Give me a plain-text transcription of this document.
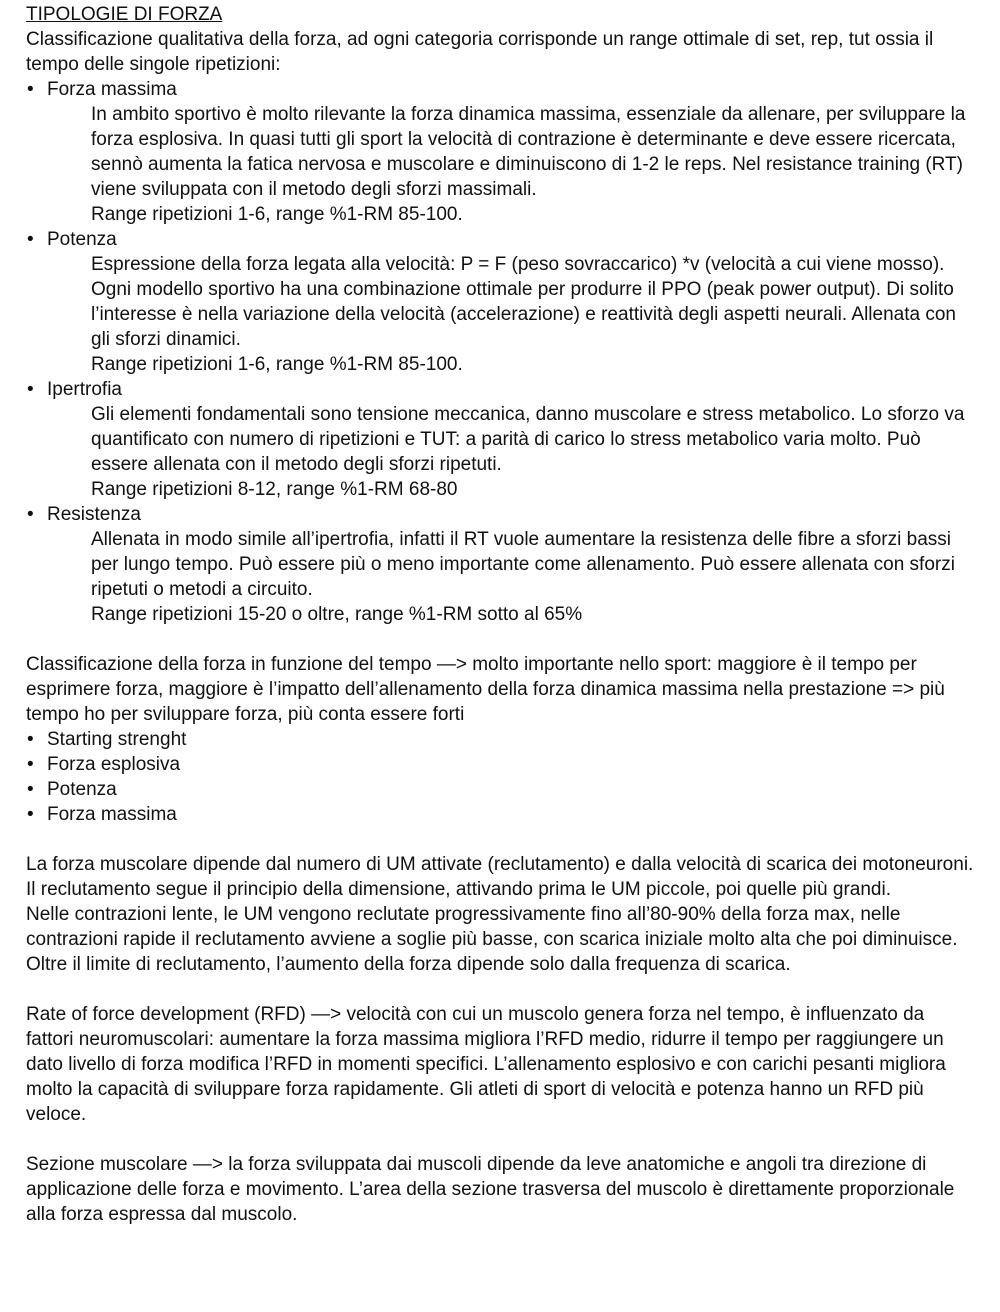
TIPOLOGIE DI FORZA

Classificazione qualitativa della forza, ad ogni categoria corrisponde un range ottimale di set, rep, tut ossia il tempo delle singole ripetizioni:

• Forza massima

In ambito sportivo è molto rilevante la forza dinamica massima, essenziale da allenare, per sviluppare la forza esplosiva. In quasi tutti gli sport la velocità di contrazione è determinante e deve essere ricercata, sennò aumenta la fatica nervosa e muscolare e diminuiscono di 1-2 le reps. Nel resistance training (RT) viene sviluppata con il metodo degli sforzi massimali.

Range ripetizioni 1-6, range %1-RM 85-100.

• Potenza

Espressione della forza legata alla velocità: P = F (peso sovraccarico) *v (velocità a cui viene mosso). Ogni modello sportivo ha una combinazione ottimale per produrre il PPO (peak power output). Di solito l’interesse è nella variazione della velocità (accelerazione) e reattività degli aspetti neurali. Allenata con gli sforzi dinamici.

Range ripetizioni 1-6, range %1-RM 85-100.

• Ipertrofia

Gli elementi fondamentali sono tensione meccanica, danno muscolare e stress metabolico. Lo sforzo va quantificato con numero di ripetizioni e TUT: a parità di carico lo stress metabolico varia molto. Può essere allenata con il metodo degli sforzi ripetuti.

Range ripetizioni 8-12, range %1-RM 68-80

• Resistenza

Allenata in modo simile all’ipertrofia, infatti il RT vuole aumentare la resistenza delle fibre a sforzi bassi per lungo tempo. Può essere più o meno importante come allenamento. Può essere allenata con sforzi ripetuti o metodi a circuito.

Range ripetizioni 15-20 o oltre, range %1-RM sotto al 65%

Classificazione della forza in funzione del tempo —> molto importante nello sport: maggiore è il tempo per esprimere forza, maggiore è l’impatto dell’allenamento della forza dinamica massima nella prestazione => più tempo ho per sviluppare forza, più conta essere forti

• Starting strenght

• Forza esplosiva

• Potenza

• Forza massima

La forza muscolare dipende dal numero di UM attivate (reclutamento) e dalla velocità di scarica dei motoneuroni. Il reclutamento segue il principio della dimensione, attivando prima le UM piccole, poi quelle più grandi.

Nelle contrazioni lente, le UM vengono reclutate progressivamente fino all’80-90% della forza max, nelle contrazioni rapide il reclutamento avviene a soglie più basse, con scarica iniziale molto alta che poi diminuisce. Oltre il limite di reclutamento, l’aumento della forza dipende solo dalla frequenza di scarica.

Rate of force development (RFD) —> velocità con cui un muscolo genera forza nel tempo, è influenzato da fattori neuromuscolari: aumentare la forza massima migliora l’RFD medio, ridurre il tempo per raggiungere un dato livello di forza modifica l’RFD in momenti specifici. L’allenamento esplosivo e con carichi pesanti migliora molto la capacità di sviluppare forza rapidamente. Gli atleti di sport di velocità e potenza hanno un RFD più veloce.

Sezione muscolare —> la forza sviluppata dai muscoli dipende da leve anatomiche e angoli tra direzione di applicazione delle forza e movimento. L’area della sezione trasversa del muscolo è direttamente proporzionale alla forza espressa dal muscolo.
